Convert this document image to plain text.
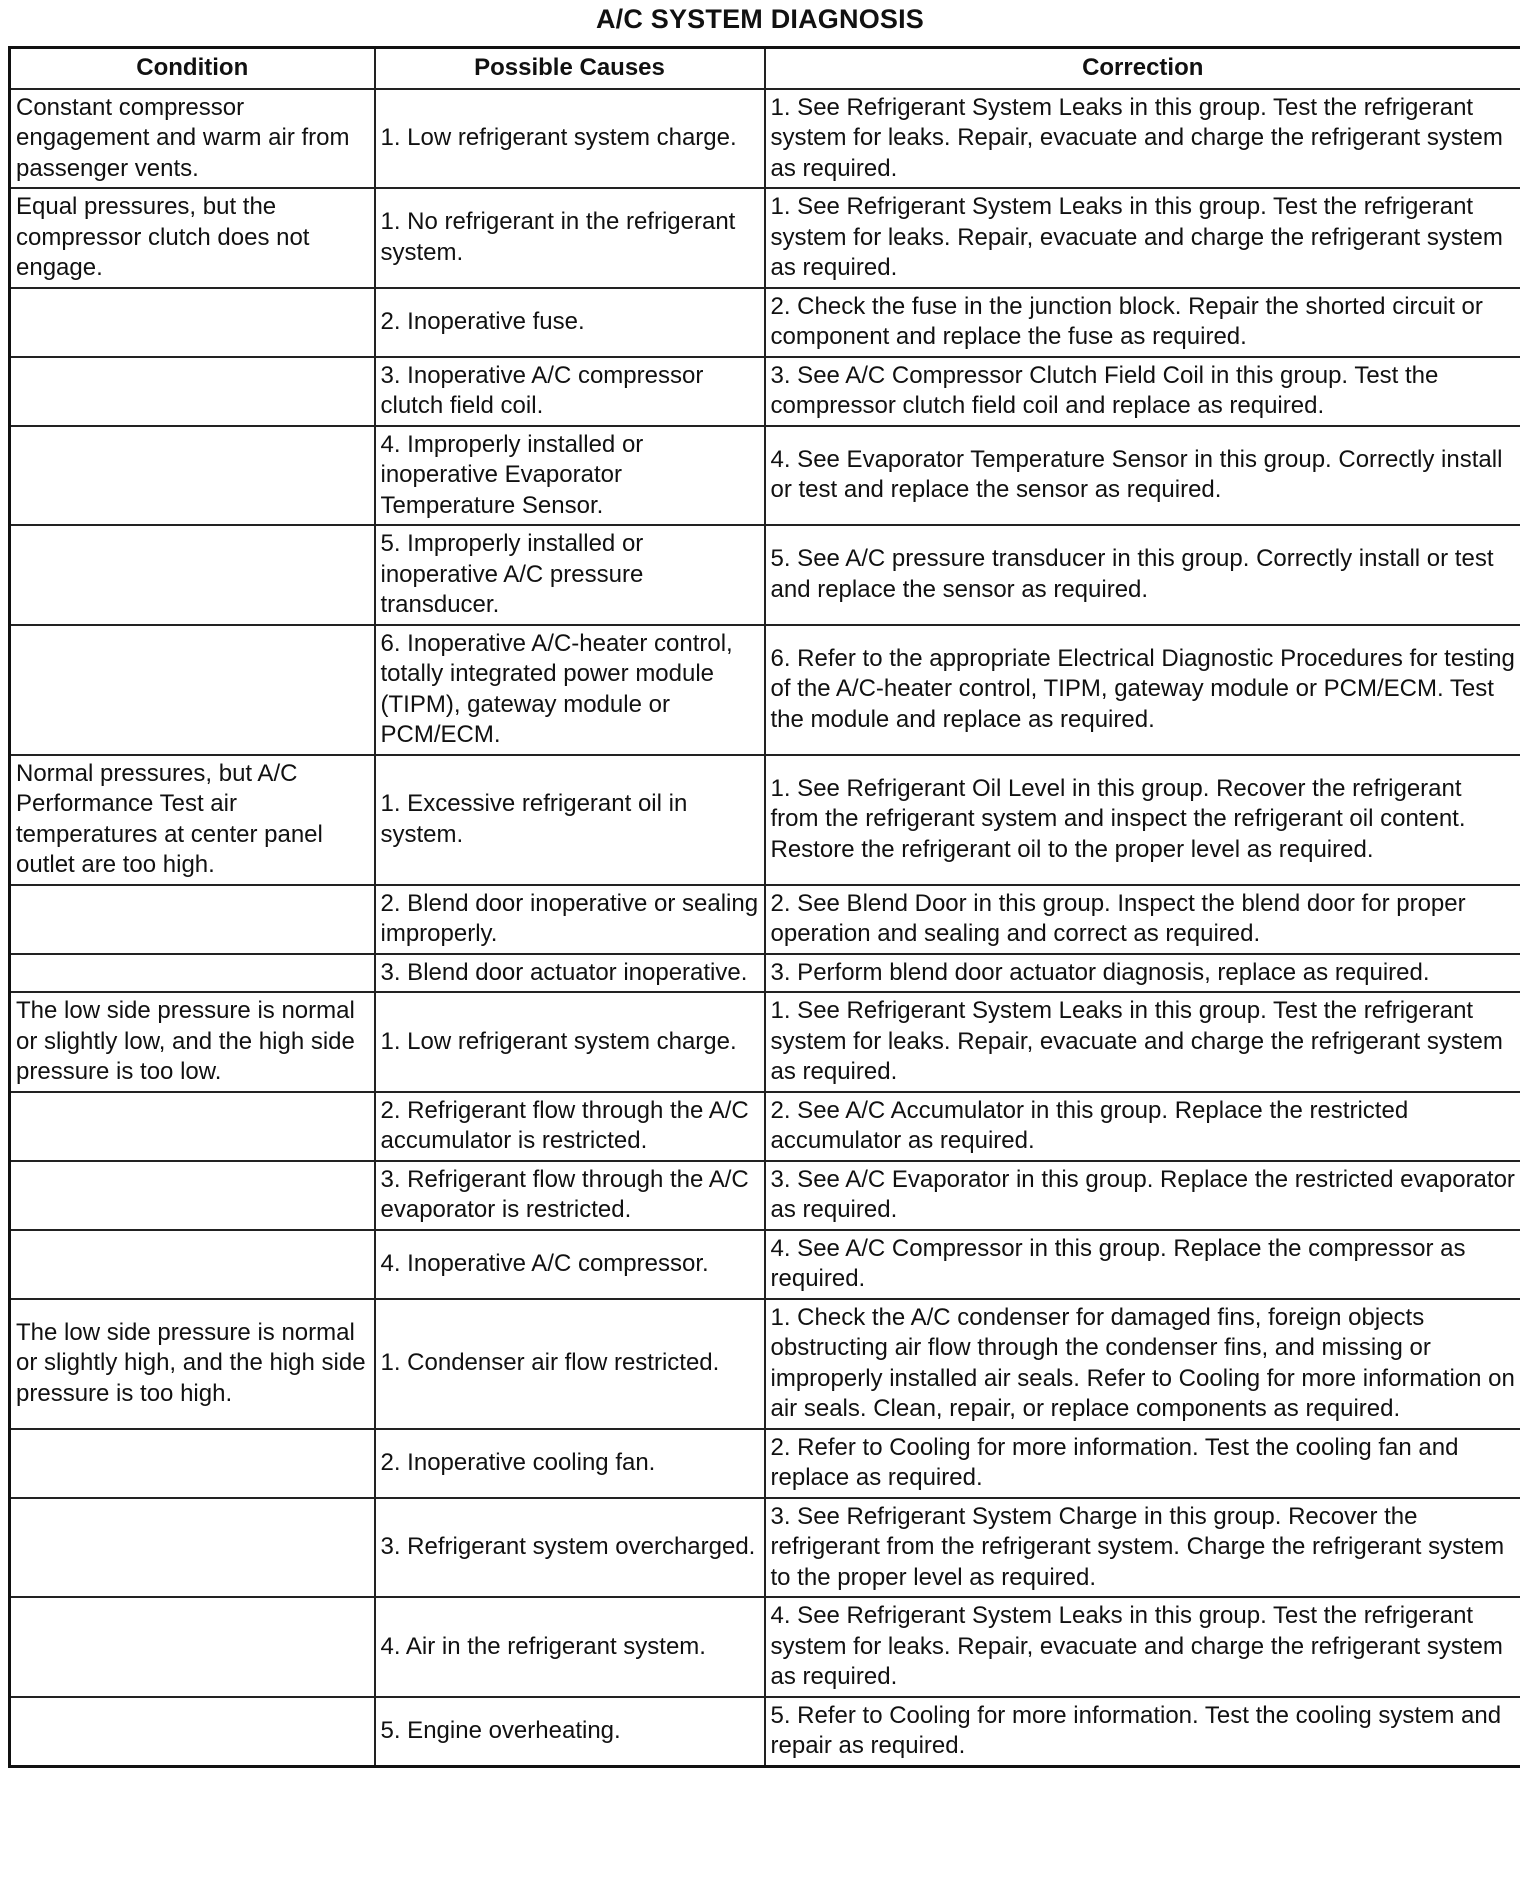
A/C SYSTEM DIAGNOSIS
Condition	Possible Causes	Correction
Constant compressor engagement and warm air from passenger vents.	1. Low refrigerant system charge.	1. See Refrigerant System Leaks in this group. Test the refrigerant system for leaks. Repair, evacuate and charge the refrigerant system as required.
Equal pressures, but the compressor clutch does not engage.	1. No refrigerant in the refrigerant system.	1. See Refrigerant System Leaks in this group. Test the refrigerant system for leaks. Repair, evacuate and charge the refrigerant system as required.
	2. Inoperative fuse.	2. Check the fuse in the junction block. Repair the shorted circuit or component and replace the fuse as required.
	3. Inoperative A/C compressor clutch field coil.	3. See A/C Compressor Clutch Field Coil in this group. Test the compressor clutch field coil and replace as required.
	4. Improperly installed or inoperative Evaporator Temperature Sensor.	4. See Evaporator Temperature Sensor in this group. Correctly install or test and replace the sensor as required.
	5. Improperly installed or inoperative A/C pressure transducer.	5. See A/C pressure transducer in this group. Correctly install or test and replace the sensor as required.
	6. Inoperative A/C-heater control, totally integrated power module (TIPM), gateway module or PCM/ECM.	6. Refer to the appropriate Electrical Diagnostic Procedures for testing of the A/C-heater control, TIPM, gateway module or PCM/ECM. Test the module and replace as required.
Normal pressures, but A/C Performance Test air temperatures at center panel outlet are too high.	1. Excessive refrigerant oil in system.	1. See Refrigerant Oil Level in this group. Recover the refrigerant from the refrigerant system and inspect the refrigerant oil content. Restore the refrigerant oil to the proper level as required.
	2. Blend door inoperative or sealing improperly.	2. See Blend Door in this group. Inspect the blend door for proper operation and sealing and correct as required.
	3. Blend door actuator inoperative.	3. Perform blend door actuator diagnosis, replace as required.
The low side pressure is normal or slightly low, and the high side pressure is too low.	1. Low refrigerant system charge.	1. See Refrigerant System Leaks in this group. Test the refrigerant system for leaks. Repair, evacuate and charge the refrigerant system as required.
	2. Refrigerant flow through the A/C accumulator is restricted.	2. See A/C Accumulator in this group. Replace the restricted accumulator as required.
	3. Refrigerant flow through the A/C evaporator is restricted.	3. See A/C Evaporator in this group. Replace the restricted evaporator as required.
	4. Inoperative A/C compressor.	4. See A/C Compressor in this group. Replace the compressor as required.
The low side pressure is normal or slightly high, and the high side pressure is too high.	1. Condenser air flow restricted.	1. Check the A/C condenser for damaged fins, foreign objects obstructing air flow through the condenser fins, and missing or improperly installed air seals. Refer to Cooling for more information on air seals. Clean, repair, or replace components as required.
	2. Inoperative cooling fan.	2. Refer to Cooling for more information. Test the cooling fan and replace as required.
	3. Refrigerant system overcharged.	3. See Refrigerant System Charge in this group. Recover the refrigerant from the refrigerant system. Charge the refrigerant system to the proper level as required.
	4. Air in the refrigerant system.	4. See Refrigerant System Leaks in this group. Test the refrigerant system for leaks. Repair, evacuate and charge the refrigerant system as required.
	5. Engine overheating.	5. Refer to Cooling for more information. Test the cooling system and repair as required.
